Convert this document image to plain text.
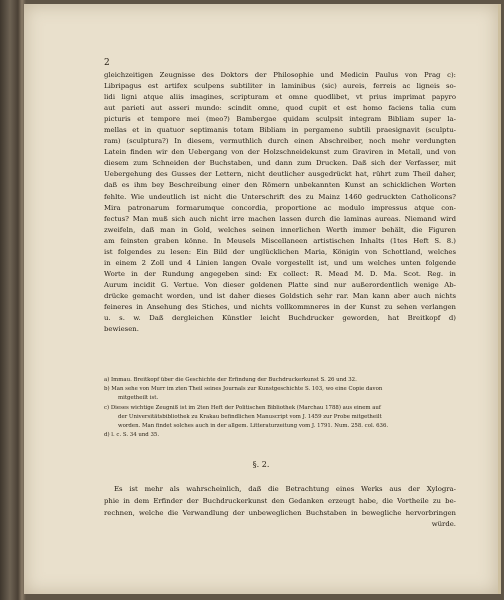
2
gleichzeitigen Zeugnisse des Doktors der Philosophie und Medicin Paulus von Prag c):
Libripagus est artifex sculpens subtiliter in laminibus (sic) aureis, ferreis ac ligneis so-
lidi ligni atque aliis imagines, scripturam et omne quodlibet, vt prius imprimat papyro
aut parieti aut asseri mundo: scindit omne, quod cupit et est homo faciens talia cum
picturis et tempore mei (meo?) Bambergae quidam sculpsit integram Bibliam super la-
mellas et in quatuor septimanis totam Bibliam in pergameno subtili praesignavit (sculptu-
ram) (sculptura?) In diesem, vermuthlich durch einen Abschreiber, noch mehr verdungten
Latein finden wir den Uebergang von der Holzschneidekunst zum Graviren in Metall, und von
diesem zum Schneiden der Buchstaben, und dann zum Drucken. Daß sich der Verfasser, mit
Uebergehung des Gusses der Lettern, nicht deutlicher ausgedrückt hat, rührt zum Theil daher,
daß es ihm bey Beschreibung einer den Römern unbekannten Kunst an schicklichen Worten
fehlte. Wie undeutlich ist nicht die Unterschrift des zu Mainz 1460 gedruckten Catholicons?
Mira patronarum formarumque concordia, proportione ac modulo impressus atque con-
fectus? Man muß sich auch nicht irre machen lassen durch die laminas aureas. Niemand wird
zweifeln, daß man in Gold, welches seinen innerlichen Werth immer behält, die Figuren
am feinsten graben könne. In Meusels Miscellaneen artistischen Inhalts (1tes Heft S. 8.)
ist folgendes zu lesen: Ein Bild der unglücklichen Maria, Königin von Schottland, welches
in einem 2 Zoll und 4 Linien langen Ovale vorgestellt ist, und um welches unten folgende
Worte in der Rundung angegeben sind: Ex collect: R. Mead M. D. Ma. Scot. Reg. in
Aurum incidit G. Vertue. Von dieser goldenen Platte sind nur außerordentlich wenige Ab-
drücke gemacht worden, und ist daher dieses Goldstich sehr rar. Man kann aber auch nichts
feineres in Ansehung des Stiches, und nichts vollkommneres in der Kunst zu sehen verlangen
u. s. w. Daß dergleichen Künstler leicht Buchdrucker geworden, hat Breitkopf d)
bewiesen.
a) Immau. Breitkopf über die Geschichte der Erfindung der Buchdruckerkunst S. 26 und 32.
b) Man sehe von Murr im zten Theil seines Journals zur Kunstgeschichte S. 103, wo eine Copie davon
mitgetheilt ist.
c) Dieses wichtige Zeugniß ist im 2ten Heft der Politischen Bibliothek (Marchau 1788) aus einem auf
der Universitätsbibliothek zu Krakau befindlichen Manuscript vom J. 1459 zur Probe mitgetheilt
worden. Man findet solches auch in der allgem. Litteraturzeitung vom J. 1791. Num. 258. col. 636.
d) l. c. S. 34 und 35.
§. 2.
Es ist mehr als wahrscheinlich, daß die Betrachtung eines Werks aus der Xylogra-
phie in dem Erfinder der Buchdruckerkunst den Gedanken erzeugt habe, die Vortheile zu be-
rechnen, welche die Verwandlung der unbeweglichen Buchstaben in bewegliche hervorbringen
würde.
